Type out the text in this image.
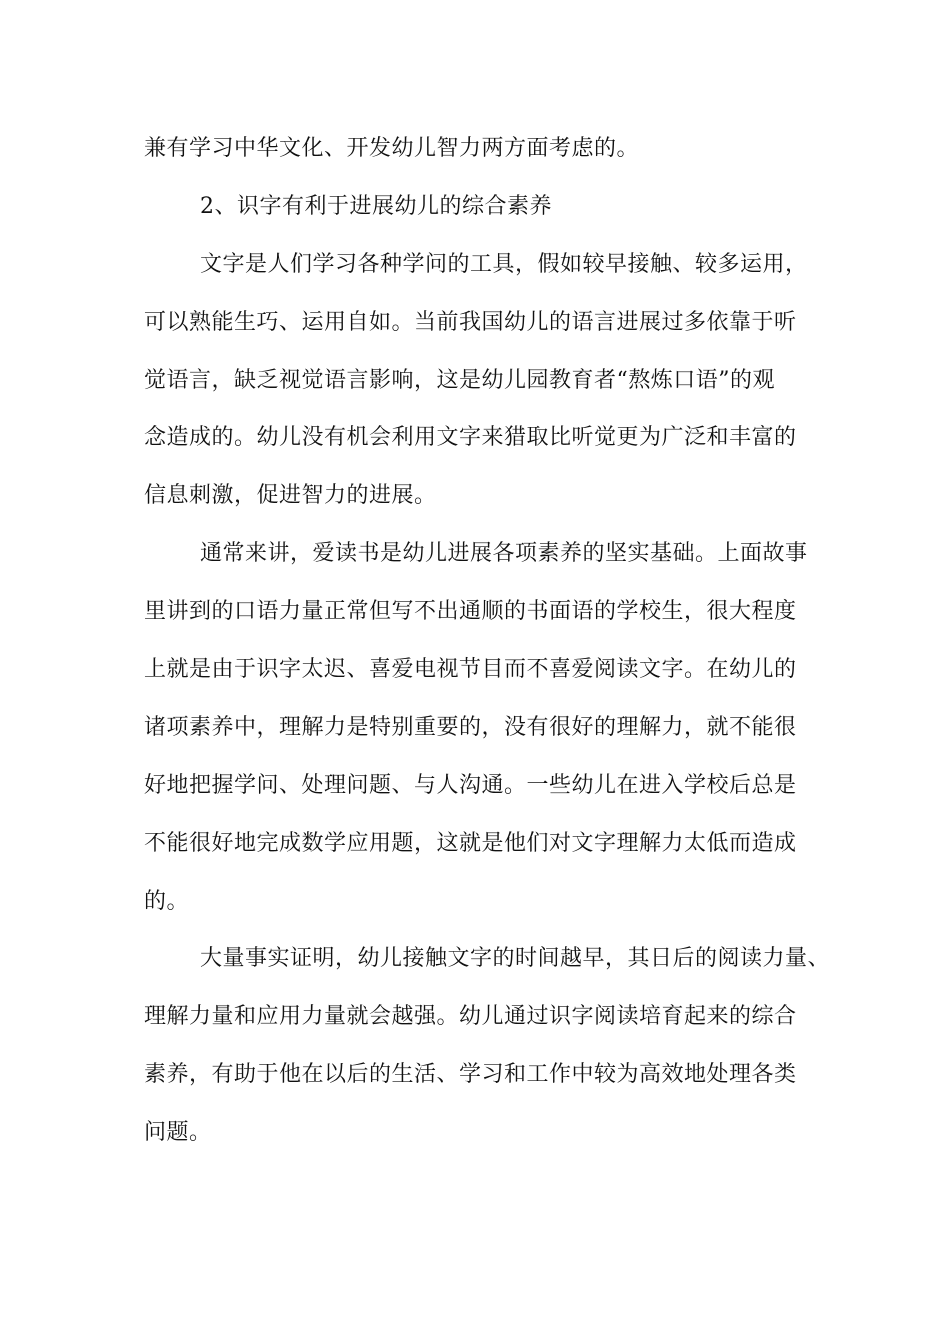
兼有学习中华文化、开发幼儿智力两方面考虑的。
2、识字有利于进展幼儿的综合素养
文字是人们学习各种学问的工具，假如较早接触、较多运用，
可以熟能生巧、运用自如。当前我国幼儿的语言进展过多依靠于听
觉语言，缺乏视觉语言影响，这是幼儿园教育者“熬炼口语”的观
念造成的。幼儿没有机会利用文字来猎取比听觉更为广泛和丰富的
信息刺激，促进智力的进展。
通常来讲，爱读书是幼儿进展各项素养的坚实基础。上面故事
里讲到的口语力量正常但写不出通顺的书面语的学校生，很大程度
上就是由于识字太迟、喜爱电视节目而不喜爱阅读文字。在幼儿的
诸项素养中，理解力是特别重要的，没有很好的理解力，就不能很
好地把握学问、处理问题、与人沟通。一些幼儿在进入学校后总是
不能很好地完成数学应用题，这就是他们对文字理解力太低而造成
的。
大量事实证明，幼儿接触文字的时间越早，其日后的阅读力量、
理解力量和应用力量就会越强。幼儿通过识字阅读培育起来的综合
素养，有助于他在以后的生活、学习和工作中较为高效地处理各类
问题。
